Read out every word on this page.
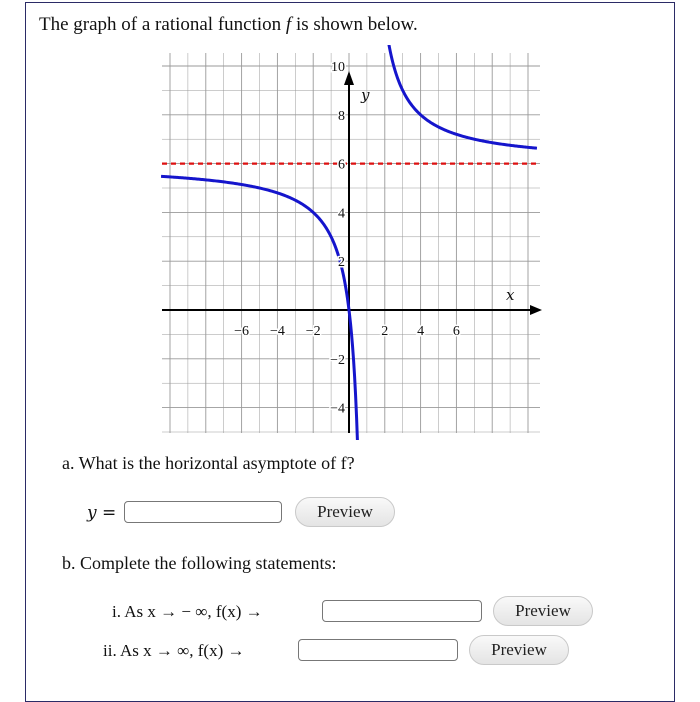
The graph of a rational function f is shown below.
−6 −4 −2	2 4 6
10
8
6
4
2
−2
−4
x
y
a. What is the horizontal asymptote of f?
y =	Preview
b. Complete the following statements:
i. As x → − ∞, f(x) →	Preview
ii. As x → ∞, f(x) →	Preview
